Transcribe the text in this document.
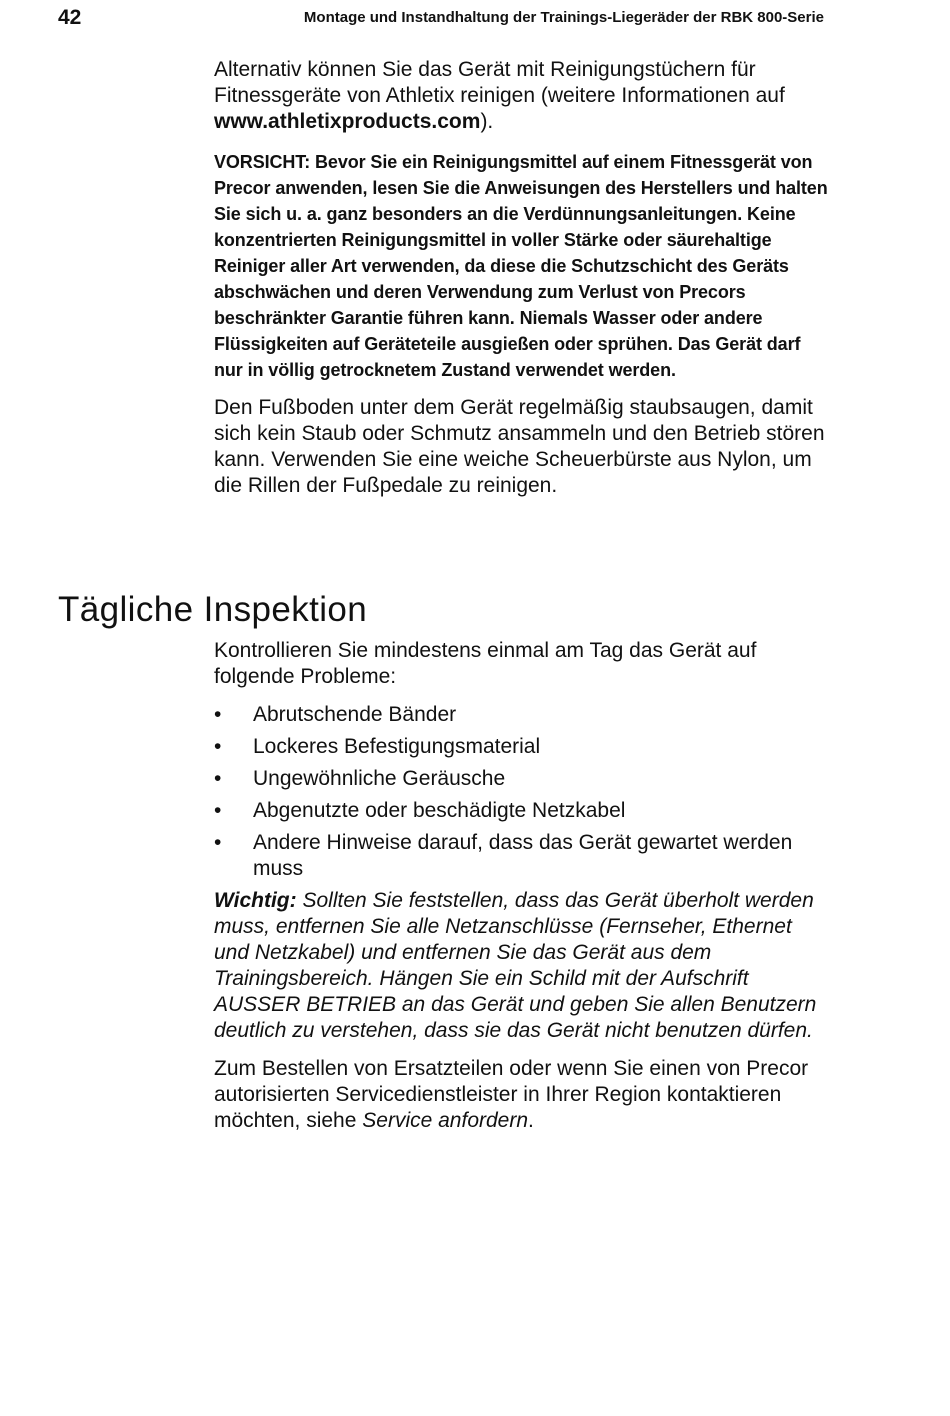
42	Montage und Instandhaltung der Trainings-Liegeräder der RBK 800-Serie

Alternativ können Sie das Gerät mit Reinigungstüchern für Fitnessgeräte von Athletix reinigen (weitere Informationen auf www.athletixproducts.com).

VORSICHT: Bevor Sie ein Reinigungsmittel auf einem Fitnessgerät von Precor anwenden, lesen Sie die Anweisungen des Herstellers und halten Sie sich u. a. ganz besonders an die Verdünnungsanleitungen. Keine konzentrierten Reinigungsmittel in voller Stärke oder säurehaltige Reiniger aller Art verwenden, da diese die Schutzschicht des Geräts abschwächen und deren Verwendung zum Verlust von Precors beschränkter Garantie führen kann. Niemals Wasser oder andere Flüssigkeiten auf Geräteteile ausgießen oder sprühen. Das Gerät darf nur in völlig getrocknetem Zustand verwendet werden.

Den Fußboden unter dem Gerät regelmäßig staubsaugen, damit sich kein Staub oder Schmutz ansammeln und den Betrieb stören kann. Verwenden Sie eine weiche Scheuerbürste aus Nylon, um die Rillen der Fußpedale zu reinigen.

Tägliche Inspektion

Kontrollieren Sie mindestens einmal am Tag das Gerät auf folgende Probleme:

• Abrutschende Bänder
• Lockeres Befestigungsmaterial
• Ungewöhnliche Geräusche
• Abgenutzte oder beschädigte Netzkabel
• Andere Hinweise darauf, dass das Gerät gewartet werden muss

Wichtig: Sollten Sie feststellen, dass das Gerät überholt werden muss, entfernen Sie alle Netzanschlüsse (Fernseher, Ethernet und Netzkabel) und entfernen Sie das Gerät aus dem Trainingsbereich. Hängen Sie ein Schild mit der Aufschrift AUSSER BETRIEB an das Gerät und geben Sie allen Benutzern deutlich zu verstehen, dass sie das Gerät nicht benutzen dürfen.

Zum Bestellen von Ersatzteilen oder wenn Sie einen von Precor autorisierten Servicedienstleister in Ihrer Region kontaktieren möchten, siehe Service anfordern.
